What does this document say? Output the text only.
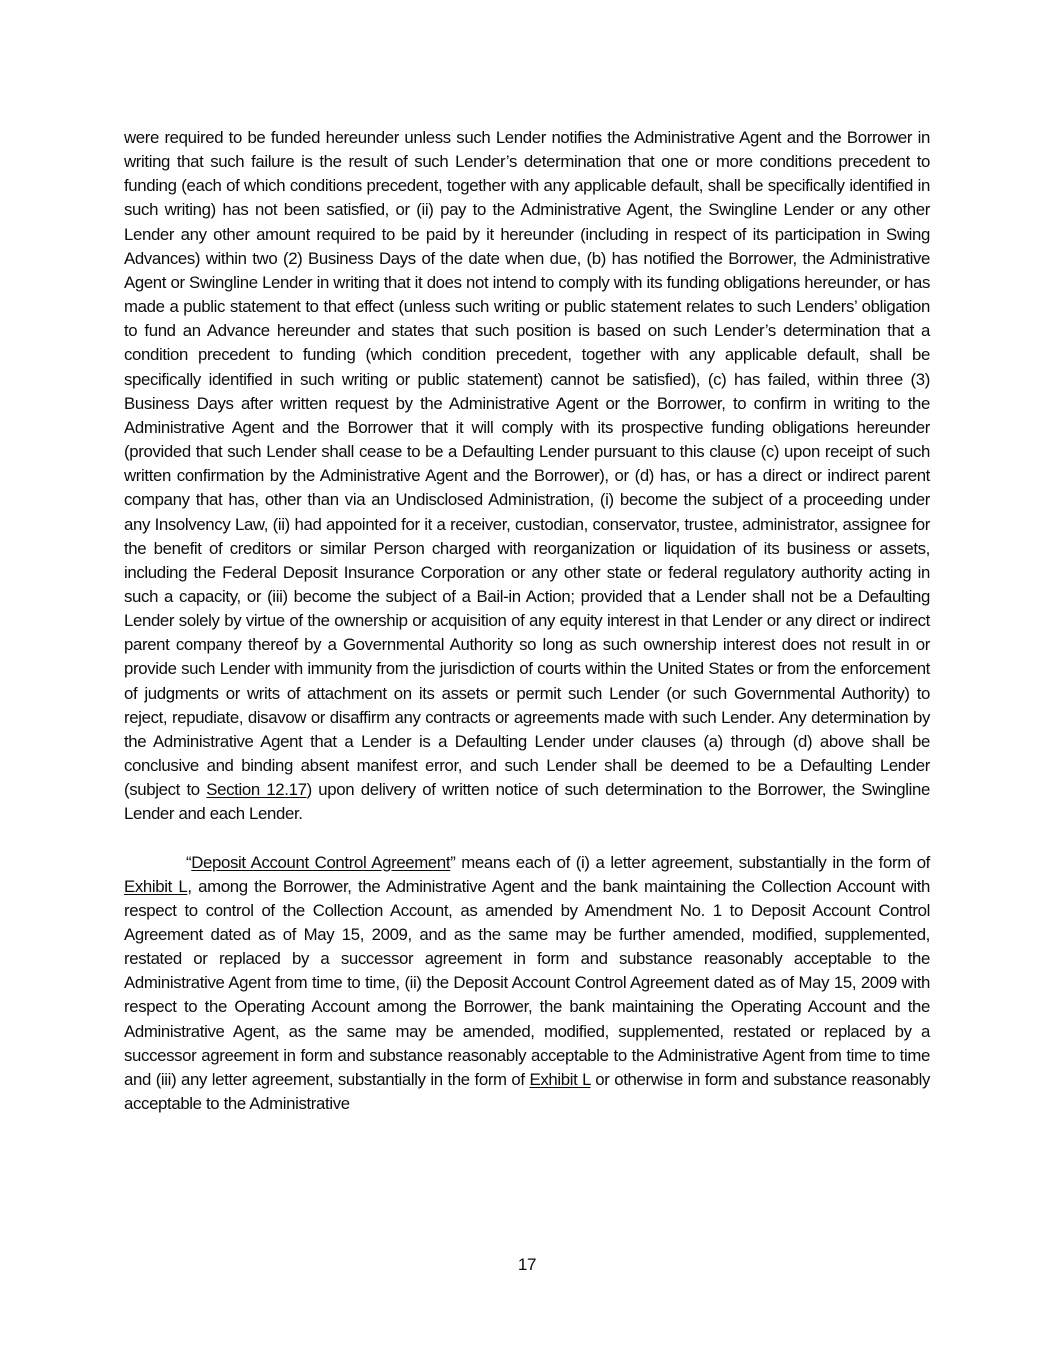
were required to be funded hereunder unless such Lender notifies the Administrative Agent and the Borrower in writing that such failure is the result of such Lender’s determination that one or more conditions precedent to funding (each of which conditions precedent, together with any applicable default, shall be specifically identified in such writing) has not been satisfied, or (ii) pay to the Administrative Agent, the Swingline Lender or any other Lender any other amount required to be paid by it hereunder (including in respect of its participation in Swing Advances) within two (2) Business Days of the date when due, (b) has notified the Borrower, the Administrative Agent or Swingline Lender in writing that it does not intend to comply with its funding obligations hereunder, or has made a public statement to that effect (unless such writing or public statement relates to such Lenders’ obligation to fund an Advance hereunder and states that such position is based on such Lender’s determination that a condition precedent to funding (which condition precedent, together with any applicable default, shall be specifically identified in such writing or public statement) cannot be satisfied), (c) has failed, within three (3) Business Days after written request by the Administrative Agent or the Borrower, to confirm in writing to the Administrative Agent and the Borrower that it will comply with its prospective funding obligations hereunder (provided that such Lender shall cease to be a Defaulting Lender pursuant to this clause (c) upon receipt of such written confirmation by the Administrative Agent and the Borrower), or (d) has, or has a direct or indirect parent company that has, other than via an Undisclosed Administration, (i) become the subject of a proceeding under any Insolvency Law, (ii) had appointed for it a receiver, custodian, conservator, trustee, administrator, assignee for the benefit of creditors or similar Person charged with reorganization or liquidation of its business or assets, including the Federal Deposit Insurance Corporation or any other state or federal regulatory authority acting in such a capacity, or (iii) become the subject of a Bail-in Action; provided that a Lender shall not be a Defaulting Lender solely by virtue of the ownership or acquisition of any equity interest in that Lender or any direct or indirect parent company thereof by a Governmental Authority so long as such ownership interest does not result in or provide such Lender with immunity from the jurisdiction of courts within the United States or from the enforcement of judgments or writs of attachment on its assets or permit such Lender (or such Governmental Authority) to reject, repudiate, disavow or disaffirm any contracts or agreements made with such Lender. Any determination by the Administrative Agent that a Lender is a Defaulting Lender under clauses (a) through (d) above shall be conclusive and binding absent manifest error, and such Lender shall be deemed to be a Defaulting Lender (subject to Section 12.17) upon delivery of written notice of such determination to the Borrower, the Swingline Lender and each Lender.

“Deposit Account Control Agreement” means each of (i) a letter agreement, substantially in the form of Exhibit L, among the Borrower, the Administrative Agent and the bank maintaining the Collection Account with respect to control of the Collection Account, as amended by Amendment No. 1 to Deposit Account Control Agreement dated as of May 15, 2009, and as the same may be further amended, modified, supplemented, restated or replaced by a successor agreement in form and substance reasonably acceptable to the Administrative Agent from time to time, (ii) the Deposit Account Control Agreement dated as of May 15, 2009 with respect to the Operating Account among the Borrower, the bank maintaining the Operating Account and the Administrative Agent, as the same may be amended, modified, supplemented, restated or replaced by a successor agreement in form and substance reasonably acceptable to the Administrative Agent from time to time and (iii) any letter agreement, substantially in the form of Exhibit L or otherwise in form and substance reasonably acceptable to the Administrative

17
